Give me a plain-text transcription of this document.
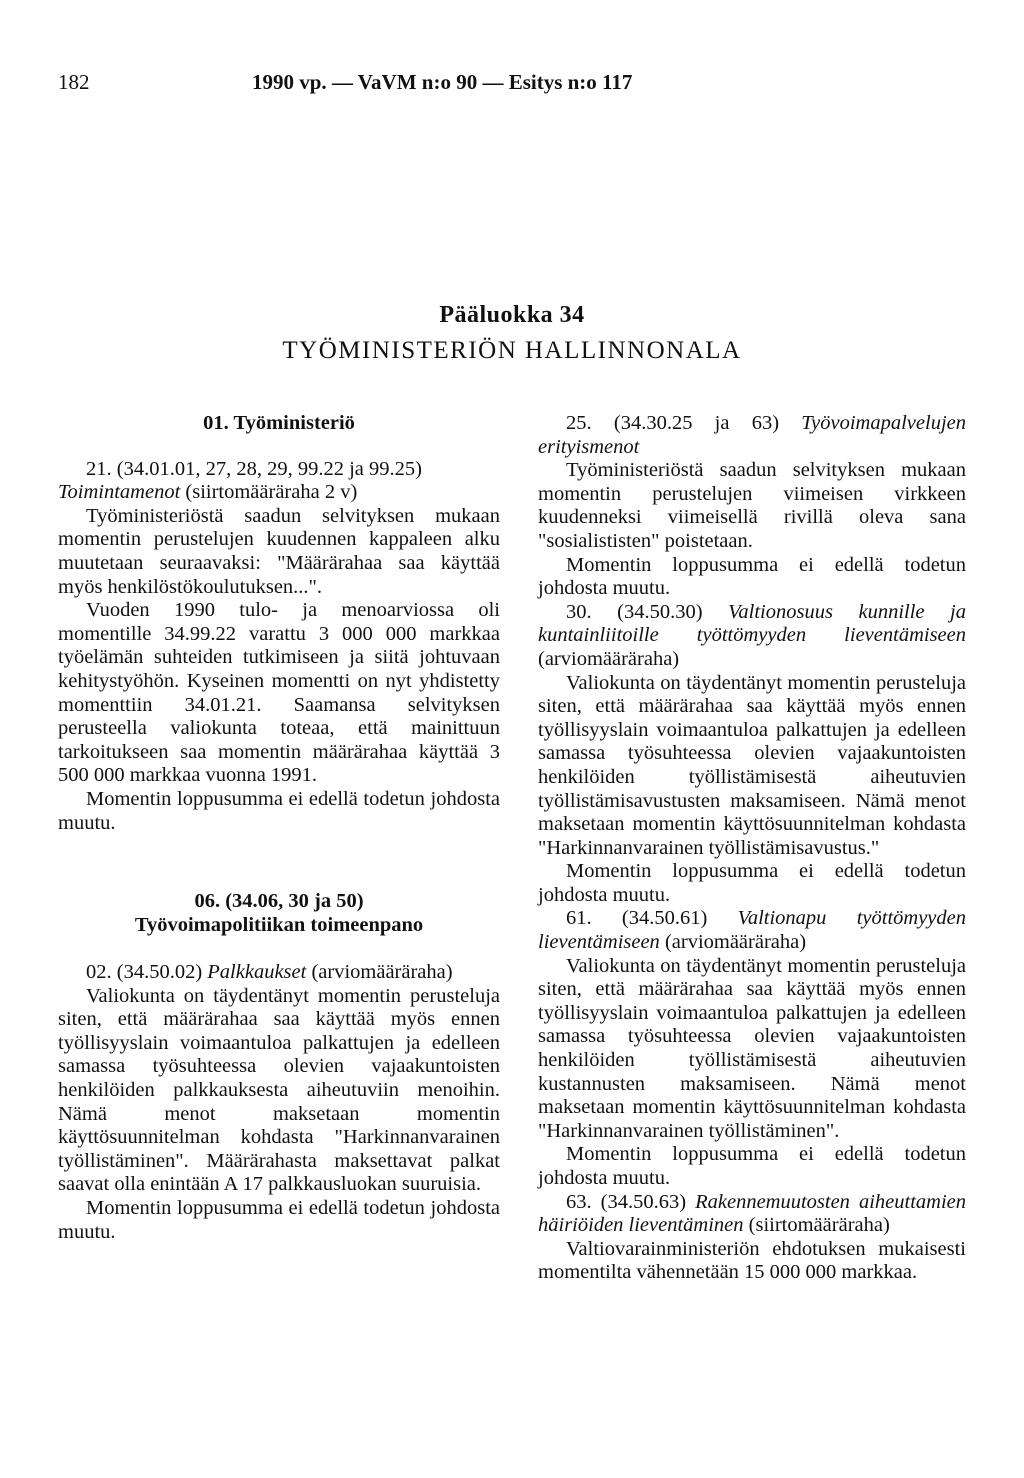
182	1990 vp. — VaVM n:o 90 — Esitys n:o 117
Pääluokka 34
TYÖMINISTERIÖN HALLINNONALA

01. Työministeriö

21. (34.01.01, 27, 28, 29, 99.22 ja 99.25)

Toimintamenot (siirtomääräraha 2 v)

Työministeriöstä saadun selvityksen mukaan momentin perustelujen kuudennen kappaleen alku muutetaan seuraavaksi: "Määrärahaa saa käyttää myös henkilöstökoulutuksen...".

Vuoden 1990 tulo- ja menoarviossa oli momentille 34.99.22 varattu 3 000 000 markkaa työelämän suhteiden tutkimiseen ja siitä johtuvaan kehitystyöhön. Kyseinen momentti on nyt yhdistetty momenttiin 34.01.21. Saamansa selvityksen perusteella valiokunta toteaa, että mainittuun tarkoitukseen saa momentin määrärahaa käyttää 3 500 000 markkaa vuonna 1991.

Momentin loppusumma ei edellä todetun johdosta muutu.

06. (34.06, 30 ja 50)
Työvoimapolitiikan toimeenpano

02. (34.50.02) Palkkaukset (arviomääräraha)

Valiokunta on täydentänyt momentin perusteluja siten, että määrärahaa saa käyttää myös ennen työllisyyslain voimaantuloa palkattujen ja edelleen samassa työsuhteessa olevien vajaakuntoisten henkilöiden palkkauksesta aiheutuviin menoihin. Nämä menot maksetaan momentin käyttösuunnitelman kohdasta "Harkinnanvarainen työllistäminen". Määrärahasta maksettavat palkat saavat olla enintään A 17 palkkausluokan suuruisia.

Momentin loppusumma ei edellä todetun johdosta muutu.

25. (34.30.25 ja 63) Työvoimapalvelujen erityismenot

Työministeriöstä saadun selvityksen mukaan momentin perustelujen viimeisen virkkeen kuudenneksi viimeisellä rivillä oleva sana "sosialististen" poistetaan.

Momentin loppusumma ei edellä todetun johdosta muutu.

30. (34.50.30) Valtionosuus kunnille ja kuntainliitoille työttömyyden lieventämiseen (arviomääräraha)

Valiokunta on täydentänyt momentin perusteluja siten, että määrärahaa saa käyttää myös ennen työllisyyslain voimaantuloa palkattujen ja edelleen samassa työsuhteessa olevien vajaakuntoisten henkilöiden työllistämisestä aiheutuvien työllistämisavustusten maksamiseen. Nämä menot maksetaan momentin käyttösuunnitelman kohdasta "Harkinnanvarainen työllistämisavustus."

Momentin loppusumma ei edellä todetun johdosta muutu.

61. (34.50.61) Valtionapu työttömyyden lieventämiseen (arviomääräraha)

Valiokunta on täydentänyt momentin perusteluja siten, että määrärahaa saa käyttää myös ennen työllisyyslain voimaantuloa palkattujen ja edelleen samassa työsuhteessa olevien vajaakuntoisten henkilöiden työllistämisestä aiheutuvien kustannusten maksamiseen. Nämä menot maksetaan momentin käyttösuunnitelman kohdasta "Harkinnanvarainen työllistäminen".

Momentin loppusumma ei edellä todetun johdosta muutu.

63. (34.50.63) Rakennemuutosten aiheuttamien häiriöiden lieventäminen (siirtomääräraha)

Valtiovarainministeriön ehdotuksen mukaisesti momentilta vähennetään 15 000 000 markkaa.
